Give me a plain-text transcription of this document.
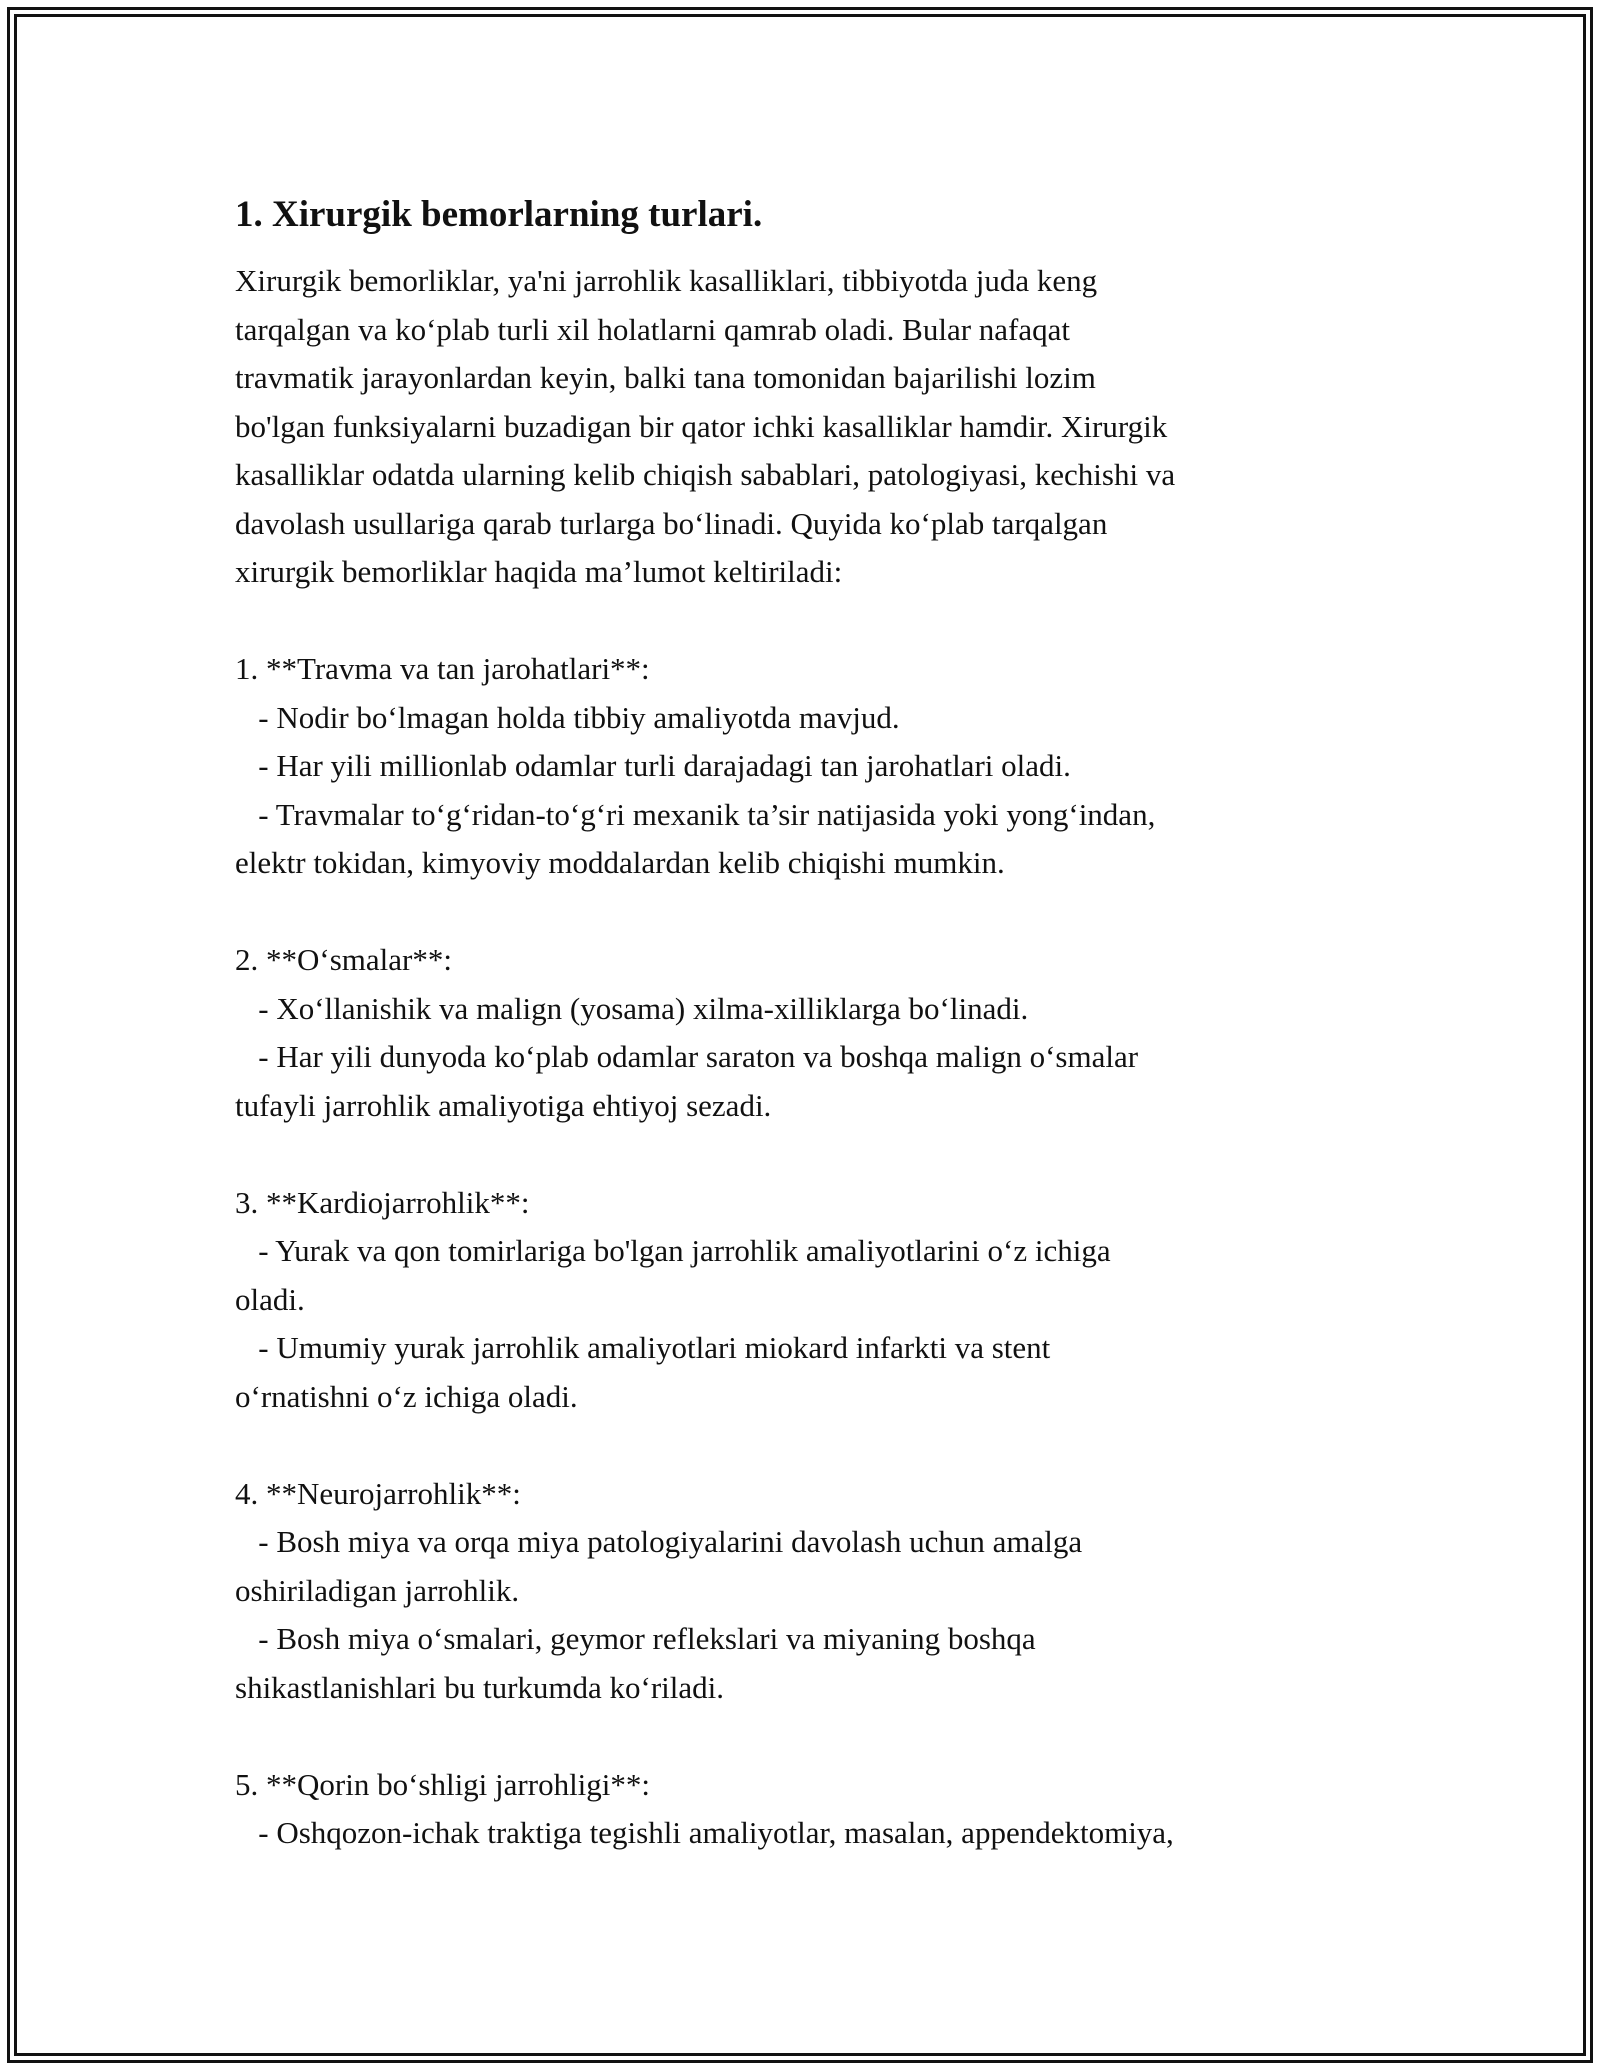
1. Xirurgik bemorlarning turlari.

Xirurgik bemorliklar, ya'ni jarrohlik kasalliklari, tibbiyotda juda keng
tarqalgan va ko‘plab turli xil holatlarni qamrab oladi. Bular nafaqat
travmatik jarayonlardan keyin, balki tana tomonidan bajarilishi lozim
bo'lgan funksiyalarni buzadigan bir qator ichki kasalliklar hamdir. Xirurgik
kasalliklar odatda ularning kelib chiqish sabablari, patologiyasi, kechishi va
davolash usullariga qarab turlarga bo‘linadi. Quyida ko‘plab tarqalgan
xirurgik bemorliklar haqida ma’lumot keltiriladi:

1. **Travma va tan jarohatlari**:
- Nodir bo‘lmagan holda tibbiy amaliyotda mavjud.
- Har yili millionlab odamlar turli darajadagi tan jarohatlari oladi.
- Travmalar to‘g‘ridan-to‘g‘ri mexanik ta’sir natijasida yoki yong‘indan,
elektr tokidan, kimyoviy moddalardan kelib chiqishi mumkin.
2. **O‘smalar**:
- Xo‘llanishik va malign (yosama) xilma-xilliklarga bo‘linadi.
- Har yili dunyoda ko‘plab odamlar saraton va boshqa malign o‘smalar
tufayli jarrohlik amaliyotiga ehtiyoj sezadi.
3. **Kardiojarrohlik**:
- Yurak va qon tomirlariga bo'lgan jarrohlik amaliyotlarini o‘z ichiga
oladi.
- Umumiy yurak jarrohlik amaliyotlari miokard infarkti va stent
o‘rnatishni o‘z ichiga oladi.
4. **Neurojarrohlik**:
- Bosh miya va orqa miya patologiyalarini davolash uchun amalga
oshiriladigan jarrohlik.
- Bosh miya o‘smalari, geymor reflekslari va miyaning boshqa
shikastlanishlari bu turkumda ko‘riladi.
5. **Qorin bo‘shligi jarrohligi**:
- Oshqozon-ichak traktiga tegishli amaliyotlar, masalan, appendektomiya,
